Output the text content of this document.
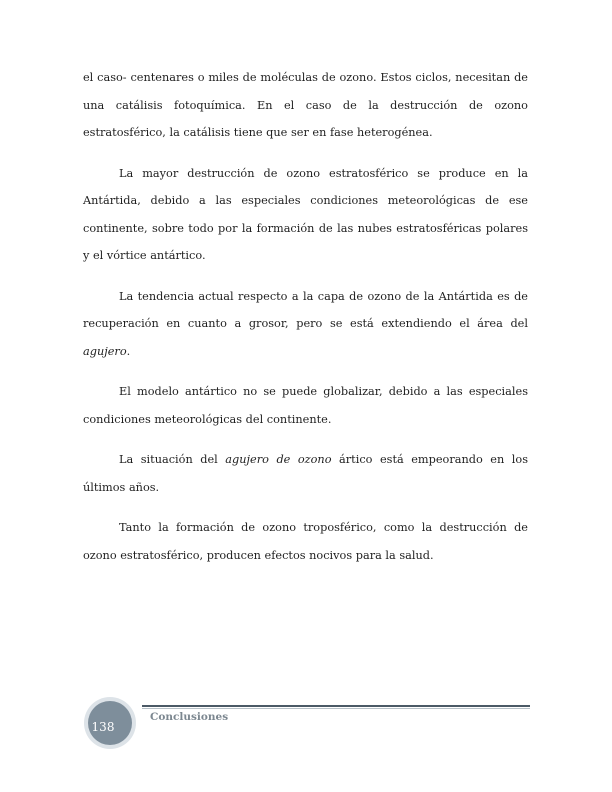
el caso- centenares o miles de moléculas de ozono. Estos ciclos, necesitan de una catálisis fotoquímica. En el caso de la destrucción de ozono estratosférico, la catálisis tiene que ser en fase heterogénea.

La mayor destrucción de ozono estratosférico se produce en la Antártida, debido a las especiales condiciones meteorológicas de ese continente, sobre todo por la formación de las nubes estratosféricas polares y el vórtice antártico.

La tendencia actual respecto a la capa de ozono de la Antártida es de recuperación en cuanto a grosor, pero se está extendiendo el área del agujero.

El modelo antártico no se puede globalizar, debido a las especiales condiciones meteorológicas del continente.

La situación del agujero de ozono ártico está empeorando en los últimos años.

Tanto la formación de ozono troposférico, como la destrucción de ozono estratosférico, producen efectos nocivos para la salud.

Conclusiones
138
